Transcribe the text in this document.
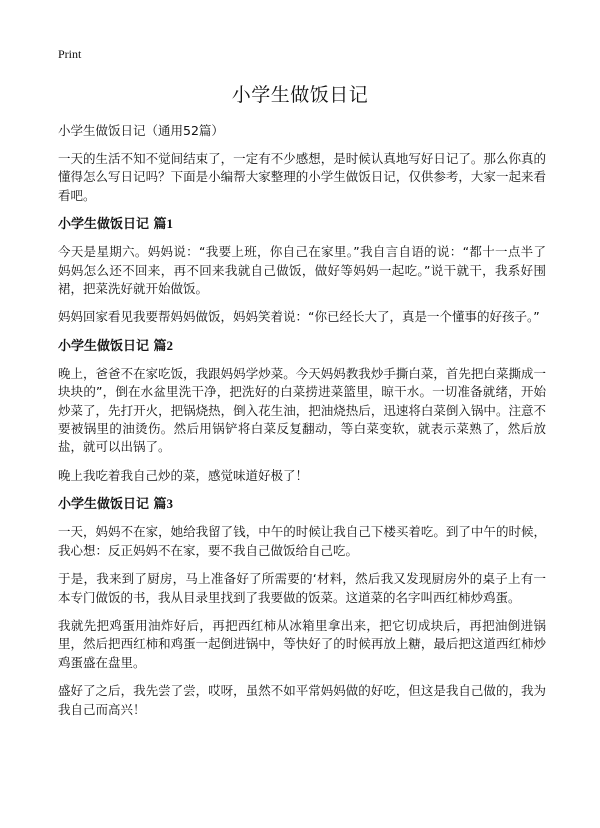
Print
小学生做饭日记
小学生做饭日记（通用52篇）

一天的生活不知不觉间结束了，一定有不少感想，是时候认真地写好日记了。那么你真的懂得怎么写日记吗？下面是小编帮大家整理的小学生做饭日记，仅供参考，大家一起来看看吧。

小学生做饭日记 篇1

今天是星期六。妈妈说：“我要上班，你自己在家里。”我自言自语的说：“都十一点半了妈妈怎么还不回来，再不回来我就自己做饭，做好等妈妈一起吃。”说干就干，我系好围裙，把菜洗好就开始做饭。

妈妈回家看见我要帮妈妈做饭，妈妈笑着说：“你已经长大了，真是一个懂事的好孩子。”

小学生做饭日记 篇2

晚上，爸爸不在家吃饭，我跟妈妈学炒菜。今天妈妈教我炒手撕白菜，首先把白菜撕成一块块的”，倒在水盆里洗干净，把洗好的白菜捞进菜篮里，晾干水。一切准备就绪，开始炒菜了，先打开火，把锅烧热，倒入花生油，把油烧热后，迅速将白菜倒入锅中。注意不要被锅里的油烫伤。然后用锅铲将白菜反复翻动，等白菜变软，就表示菜熟了，然后放盐，就可以出锅了。

晚上我吃着我自己炒的菜，感觉味道好极了！

小学生做饭日记 篇3

一天，妈妈不在家，她给我留了钱，中午的时候让我自己下楼买着吃。到了中午的时候，我心想：反正妈妈不在家，要不我自己做饭给自己吃。

于是，我来到了厨房，马上准备好了所需要的‘材料，然后我又发现厨房外的桌子上有一本专门做饭的书，我从目录里找到了我要做的饭菜。这道菜的名字叫西红柿炒鸡蛋。

我就先把鸡蛋用油炸好后，再把西红柿从冰箱里拿出来，把它切成块后，再把油倒进锅里，然后把西红柿和鸡蛋一起倒进锅中，等快好了的时候再放上糖，最后把这道西红柿炒鸡蛋盛在盘里。

盛好了之后，我先尝了尝，哎呀，虽然不如平常妈妈做的好吃，但这是我自己做的，我为我自己而高兴！
